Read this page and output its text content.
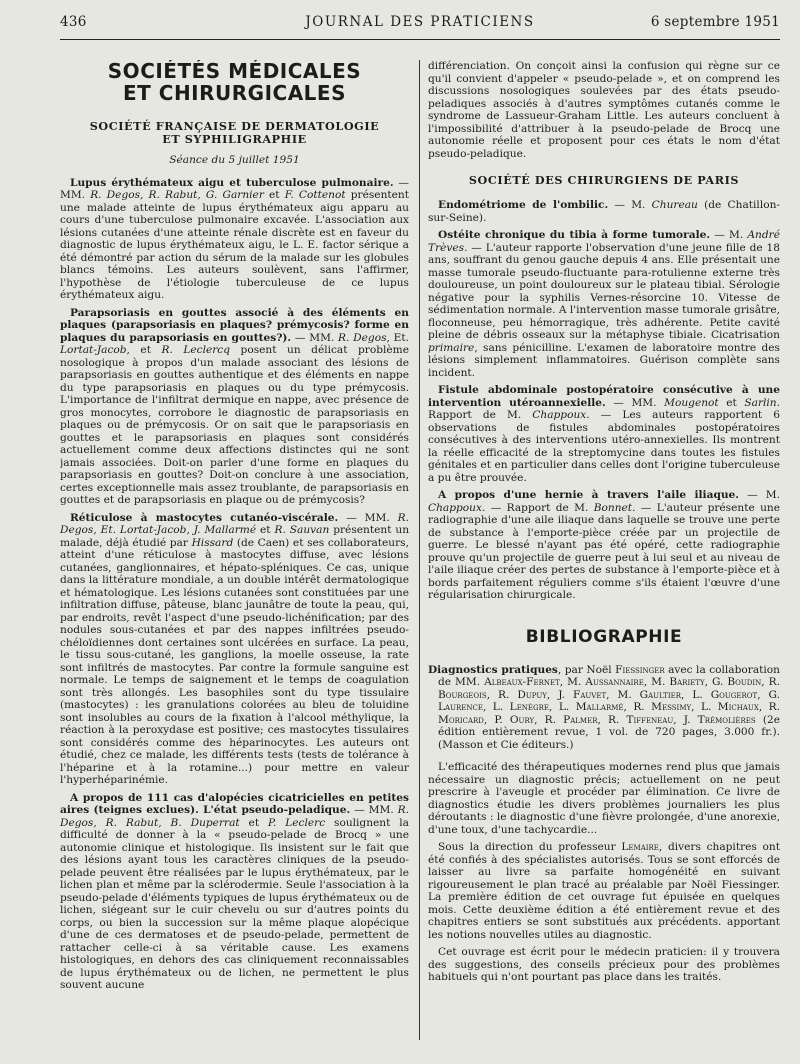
436	JOURNAL DES PRATICIENS	6 septembre 1951
SOCIÉTÉS MÉDICALES
ET CHIRURGICALES
SOCIÉTÉ FRANÇAISE DE DERMATOLOGIE
ET SYPHILIGRAPHIE
Séance du 5 juillet 1951

Lupus érythémateux aigu et tuberculose pulmonaire. — MM. R. Degos, R. Rabut, G. Garnier et F. Cottenot présentent une malade atteinte de lupus érythémateux aigu apparu au cours d'une tuberculose pulmonaire excavée. L'association aux lésions cutanées d'une atteinte rénale discrète est en faveur du diagnostic de lupus érythémateux aigu, le L. E. factor sérique a été démontré par action du sérum de la malade sur les globules blancs témoins. Les auteurs soulèvent, sans l'affirmer, l'hypothèse de l'étiologie tuberculeuse de ce lupus érythémateux aigu.

Parapsoriasis en gouttes associé à des éléments en plaques (parapsoriasis en plaques? prémycosis? forme en plaques du parapsoriasis en gouttes?). — MM. R. Degos, Et. Lortat-Jacob, et R. Leclercq posent un délicat problème nosologique à propos d'un malade associant des lésions de parapsoriasis en gouttes authentique et des éléments en nappe du type parapsoriasis en plaques ou du type prémycosis. L'importance de l'infiltrat dermique en nappe, avec présence de gros monocytes, corrobore le diagnostic de parapsoriasis en plaques ou de prémycosis. Or on sait que le parapsoriasis en gouttes et le parapsoriasis en plaques sont considérés actuellement comme deux affections distinctes qui ne sont jamais associées. Doit-on parler d'une forme en plaques du parapsoriasis en gouttes? Doit-on conclure à une association, certes exceptionnelle mais assez troublante, de parapsoriasis en gouttes et de parapsoriasis en plaque ou de prémycosis?

Réticulose à mastocytes cutanéo-viscérale. — MM. R. Degos, Et. Lortat-Jacob, J. Mallarmé et R. Sauvan présentent un malade, déjà étudié par Hissard (de Caen) et ses collaborateurs, atteint d'une réticulose à mastocytes diffuse, avec lésions cutanées, ganglionnaires, et hépato-spléniques. Ce cas, unique dans la littérature mondiale, a un double intérêt dermatologique et hématologique. Les lésions cutanées sont constituées par une infiltration diffuse, pâteuse, blanc jaunâtre de toute la peau, qui, par endroits, revêt l'aspect d'une pseudo-lichénification; par des nodules sous-cutanées et par des nappes infiltrées pseudo-chéloïdiennes dont certaines sont ulcérées en surface. La peau, le tissu sous-cutané, les ganglions, la moelle osseuse, la rate sont infiltrés de mastocytes. Par contre la formule sanguine est normale. Le temps de saignement et le temps de coagulation sont très allongés. Les basophiles sont du type tissulaire (mastocytes) : les granulations colorées au bleu de toluidine sont insolubles au cours de la fixation à l'alcool méthylique, la réaction à la peroxydase est positive; ces mastocytes tissulaires sont considérés comme des héparinocytes. Les auteurs ont étudié, chez ce malade, les différents tests (tests de tolérance à l'héparine et à la rotamine...) pour mettre en valeur l'hyperhéparinémie.

A propos de 111 cas d'alopécies cicatricielles en petites aires (teignes exclues). L'état pseudo-peladique. — MM. R. Degos, R. Rabut, B. Duperrat et P. Leclerc soulignent la difficulté de donner à la « pseudo-pelade de Brocq » une autonomie clinique et histologique. Ils insistent sur le fait que des lésions ayant tous les caractères cliniques de la pseudo-pelade peuvent être réalisées par le lupus érythémateux, par le lichen plan et même par la sclérodermie. Seule l'association à la pseudo-pelade d'éléments typiques de lupus érythémateux ou de lichen, siégeant sur le cuir chevelu ou sur d'autres points du corps, ou bien la succession sur la même plaque alopécique d'une de ces dermatoses et de pseudo-pelade, permettent de rattacher celle-ci à sa véritable cause. Les examens histologiques, en dehors des cas cliniquement reconnaissables de lupus érythémateux ou de lichen, ne permettent le plus souvent aucune

différenciation. On conçoit ainsi la confusion qui règne sur ce qu'il convient d'appeler « pseudo-pelade », et on comprend les discussions nosologiques soulevées par des états pseudo-peladiques associés à d'autres symptômes cutanés comme le syndrome de Lassueur-Graham Little. Les auteurs concluent à l'impossibilité d'attribuer à la pseudo-pelade de Brocq une autonomie réelle et proposent pour ces états le nom d'état pseudo-peladique.

SOCIÉTÉ DES CHIRURGIENS DE PARIS

Endométriome de l'ombilic. — M. Chureau (de Chatillon-sur-Seine).

Ostéite chronique du tibia à forme tumorale. — M. André Trèves. — L'auteur rapporte l'observation d'une jeune fille de 18 ans, souffrant du genou gauche depuis 4 ans. Elle présentait une masse tumorale pseudo-fluctuante para-rotulienne externe très douloureuse, un point douloureux sur le plateau tibial. Sérologie négative pour la syphilis Vernes-résorcine 10. Vitesse de sédimentation normale. A l'intervention masse tumorale grisâtre, floconneuse, peu hémorragique, très adhérente. Petite cavité pleine de débris osseaux sur la métaphyse tibiale. Cicatrisation primaire, sans pénicilline. L'examen de laboratoire montre des lésions simplement inflammatoires. Guérison complète sans incident.

Fistule abdominale postopératoire consécutive à une intervention utéroannexielle. — MM. Mougenot et Sarlin. Rapport de M. Chappoux. — Les auteurs rapportent 6 observations de fistules abdominales postopératoires consécutives à des interventions utéro-annexielles. Ils montrent la réelle efficacité de la streptomycine dans toutes les fistules génitales et en particulier dans celles dont l'origine tuberculeuse a pu être prouvée.

A propos d'une hernie à travers l'aile iliaque. — M. Chappoux. — Rapport de M. Bonnet. — L'auteur présente une radiographie d'une aile iliaque dans laquelle se trouve une perte de substance à l'emporte-pièce créée par un projectile de guerre. Le blessé n'ayant pas été opéré, cette radiographie prouve qu'un projectile de guerre peut à lui seul et au niveau de l'aile iliaque créer des pertes de substance à l'emporte-pièce et à bords parfaitement réguliers comme s'ils étaient l'œuvre d'une régularisation chirurgicale.

BIBLIOGRAPHIE

Diagnostics pratiques, par Noël Fiessinger avec la collaboration de MM. Albeaux-Fernet, M. Aussannaire, M. Bariety, G. Boudin, R. Bourgeois, R. Dupuy, J. Fauvet, M. Gaultier, L. Gougerot, G. Laurence, L. Lenègre, L. Mallarmé, R. Messimy, L. Michaux, R. Moricard, P. Oury, R. Palmer, R. Tiffeneau, J. Trémolières (2e édition entièrement revue, 1 vol. de 720 pages, 3.000 fr.). (Masson et Cie éditeurs.)

L'efficacité des thérapeutiques modernes rend plus que jamais nécessaire un diagnostic précis; actuellement on ne peut prescrire à l'aveugle et procéder par élimination. Ce livre de diagnostics étudie les divers problèmes journaliers les plus déroutants : le diagnostic d'une fièvre prolongée, d'une anorexie, d'une toux, d'une tachycardie...

Sous la direction du professeur Lemaire, divers chapitres ont été confiés à des spécialistes autorisés. Tous se sont efforcés de laisser au livre sa parfaite homogénéité en suivant rigoureusement le plan tracé au préalable par Noël Fiessinger. La première édition de cet ouvrage fut épuisée en quelques mois. Cette deuxième édition a été entièrement revue et des chapitres entiers se sont substitués aux précédents. apportant les notions nouvelles utiles au diagnostic.

Cet ouvrage est écrit pour le médecin praticien: il y trouvera des suggestions, des conseils précieux pour des problèmes habituels qui n'ont pourtant pas place dans les traités.
